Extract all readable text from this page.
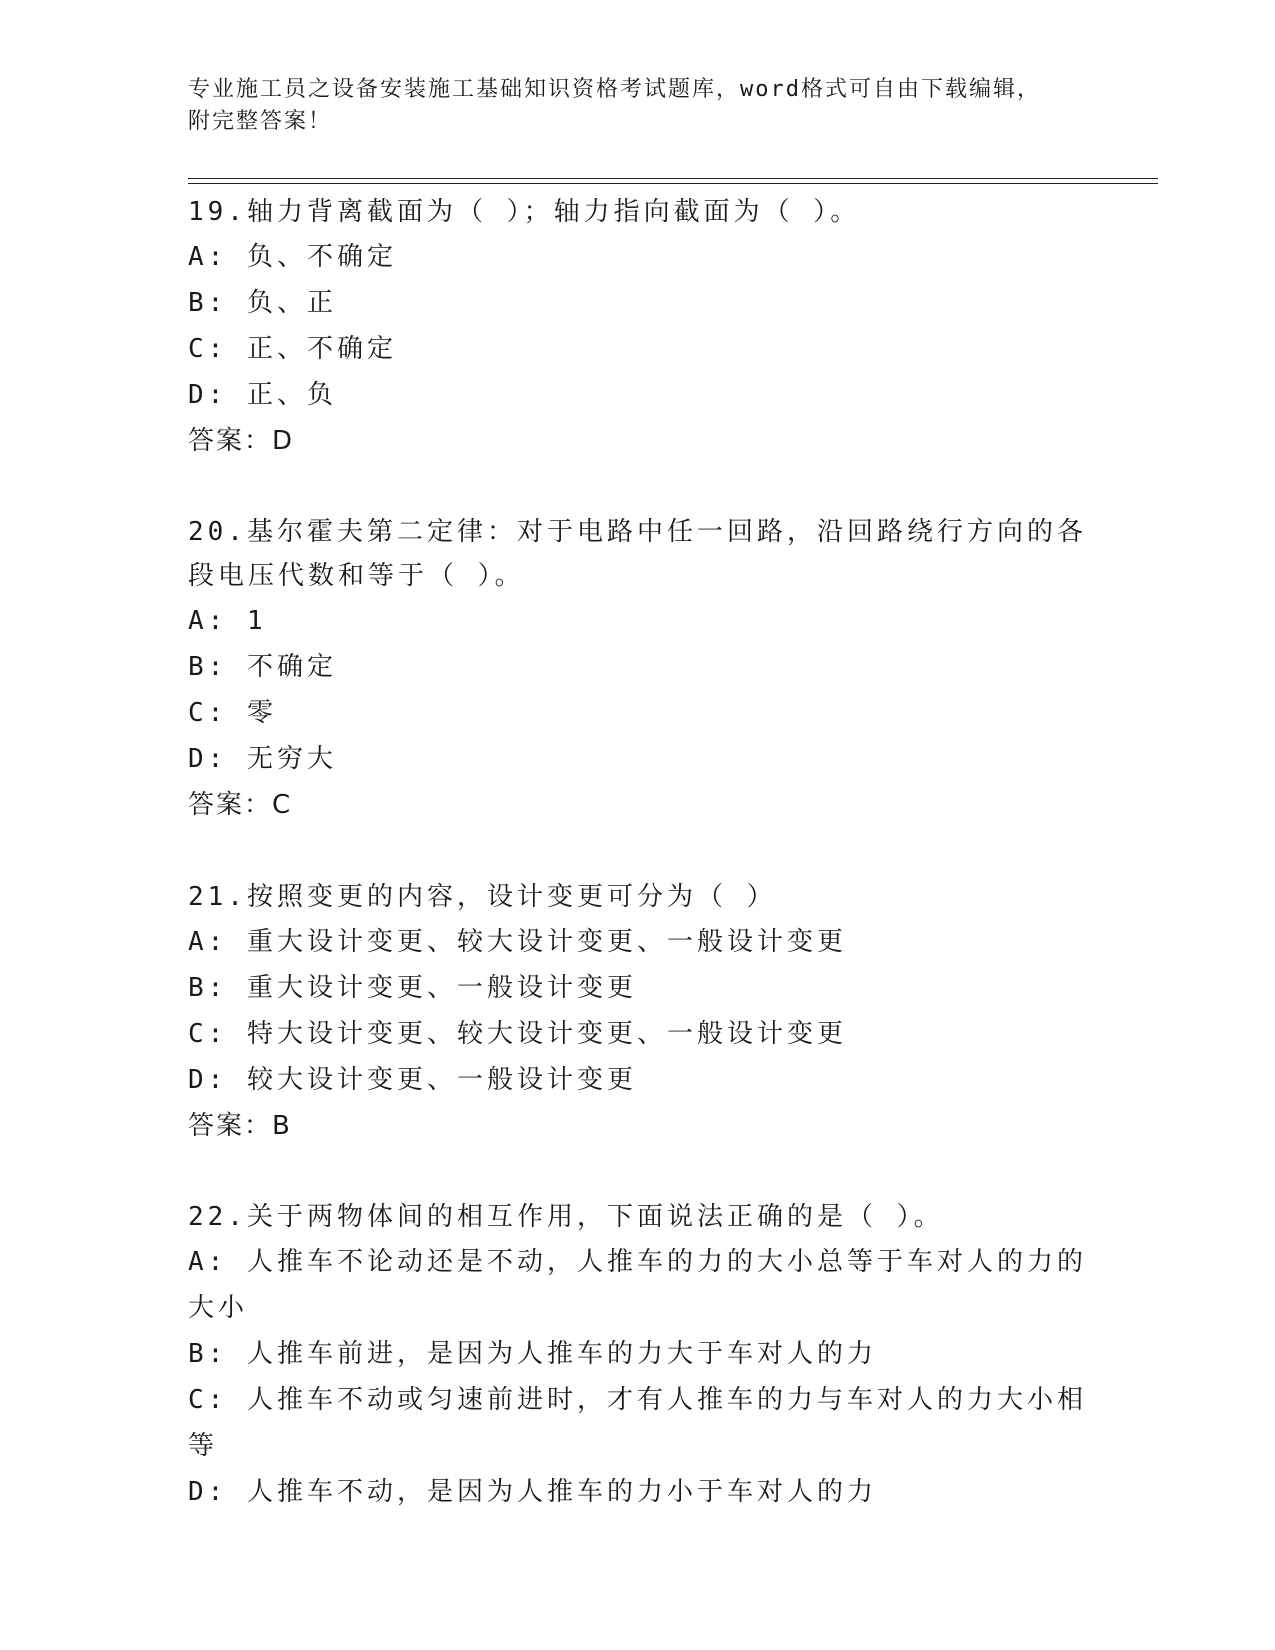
专业施工员之设备安装施工基础知识资格考试题库，word格式可自由下载编辑，
附完整答案！
19.轴力背离截面为（ ）；轴力指向截面为（ ）。
A: 负、不确定
B: 负、正
C: 正、不确定
D: 正、负
答案：D
20.基尔霍夫第二定律：对于电路中任一回路，沿回路绕行方向的各段电压代数和等于（ ）。
A: 1
B: 不确定
C: 零
D: 无穷大
答案：C
21.按照变更的内容，设计变更可分为（ ）
A: 重大设计变更、较大设计变更、一般设计变更
B: 重大设计变更、一般设计变更
C: 特大设计变更、较大设计变更、一般设计变更
D: 较大设计变更、一般设计变更
答案：B
22.关于两物体间的相互作用，下面说法正确的是（ ）。
A: 人推车不论动还是不动，人推车的力的大小总等于车对人的力的大小
B: 人推车前进，是因为人推车的力大于车对人的力
C: 人推车不动或匀速前进时，才有人推车的力与车对人的力大小相等
D: 人推车不动，是因为人推车的力小于车对人的力
